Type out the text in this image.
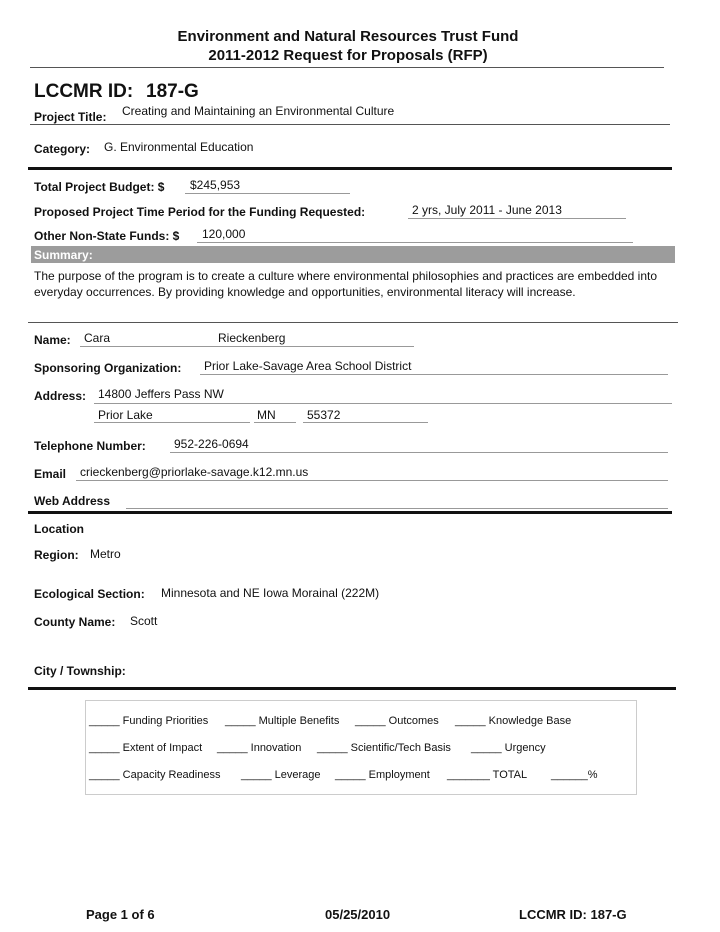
Environment and Natural Resources Trust Fund
2011-2012 Request for Proposals (RFP)
LCCMR ID: 187-G
Project Title: Creating and Maintaining an Environmental Culture
Category: G. Environmental Education
Total Project Budget: $ $245,953
Proposed Project Time Period for the Funding Requested:	2 yrs, July 2011 - June 2013
Other Non-State Funds: $ 120,000
Summary:
The purpose of the program is to create a culture where environmental philosophies and practices are embedded into everyday occurrences. By providing knowledge and opportunities, environmental literacy will increase.
Name: Cara	Rieckenberg
Sponsoring Organization: Prior Lake-Savage Area School District
Address: 14800 Jeffers Pass NW
Prior Lake	MN	55372
Telephone Number: 952-226-0694
Email crieckenberg@priorlake-savage.k12.mn.us
Web Address
Location
Region: Metro
Ecological Section: Minnesota and NE Iowa Morainal (222M)
County Name: Scott
City / Township:
_____ Funding Priorities _____ Multiple Benefits _____ Outcomes _____ Knowledge Base
_____ Extent of Impact _____ Innovation _____ Scientific/Tech Basis _____ Urgency
_____ Capacity Readiness _____ Leverage _____ Employment _______ TOTAL ______%
Page 1 of 6	05/25/2010	LCCMR ID: 187-G
